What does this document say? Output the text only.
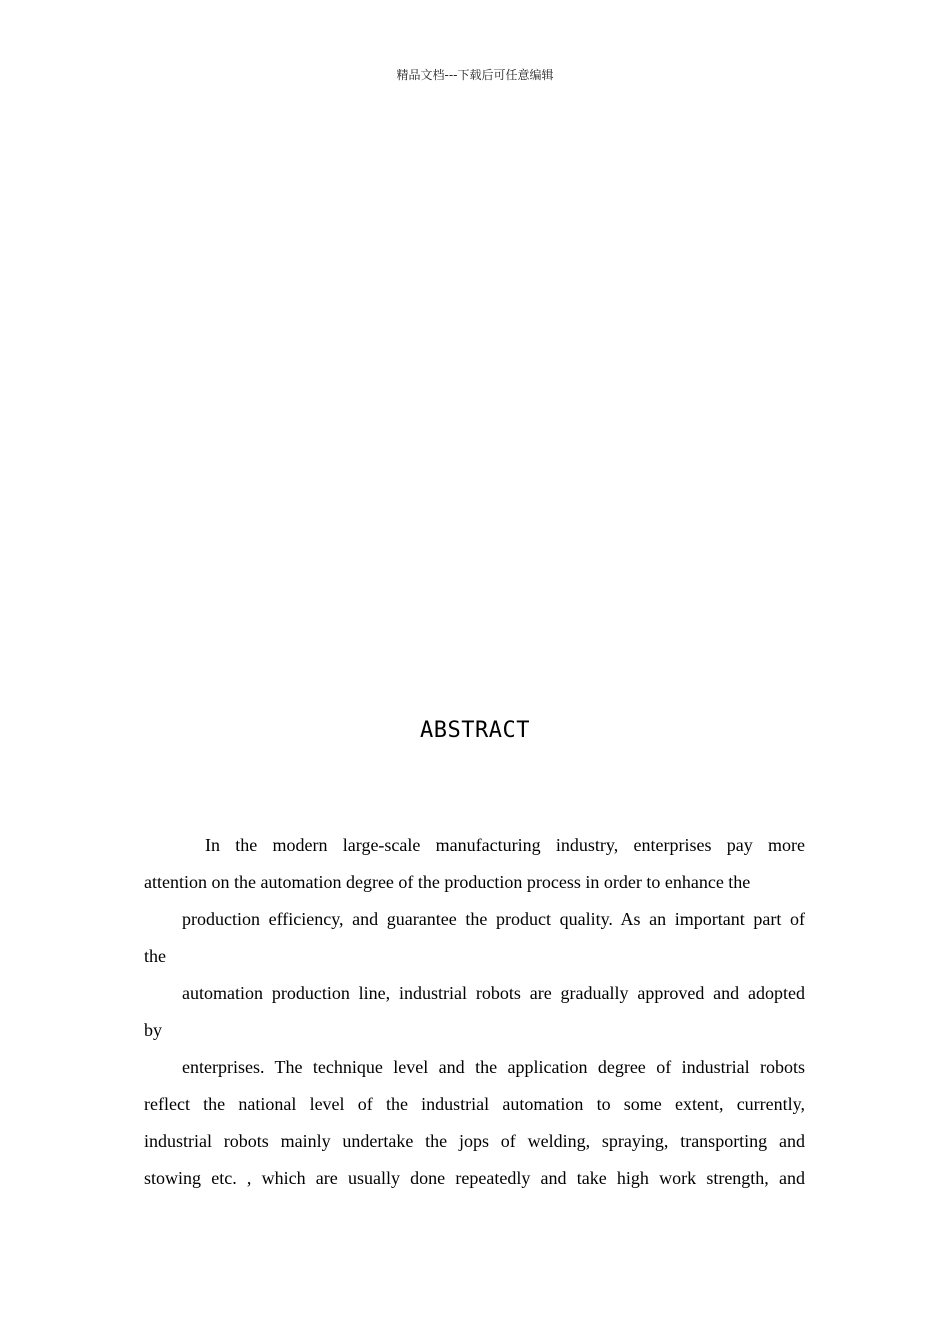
精品文档---下载后可任意编辑
ABSTRACT
In the modern large-scale manufacturing industry, enterprises pay more
attention on the automation degree of the production process in order to enhance the
production efficiency, and guarantee the product quality. As an important part of
the
automation production line, industrial robots are gradually approved and adopted
by
enterprises. The technique level and the application degree of industrial robots
reflect the national level of the industrial automation to some extent, currently,
industrial robots mainly undertake the jops of welding, spraying, transporting and
stowing etc. , which are usually done repeatedly and take high work strength, and
